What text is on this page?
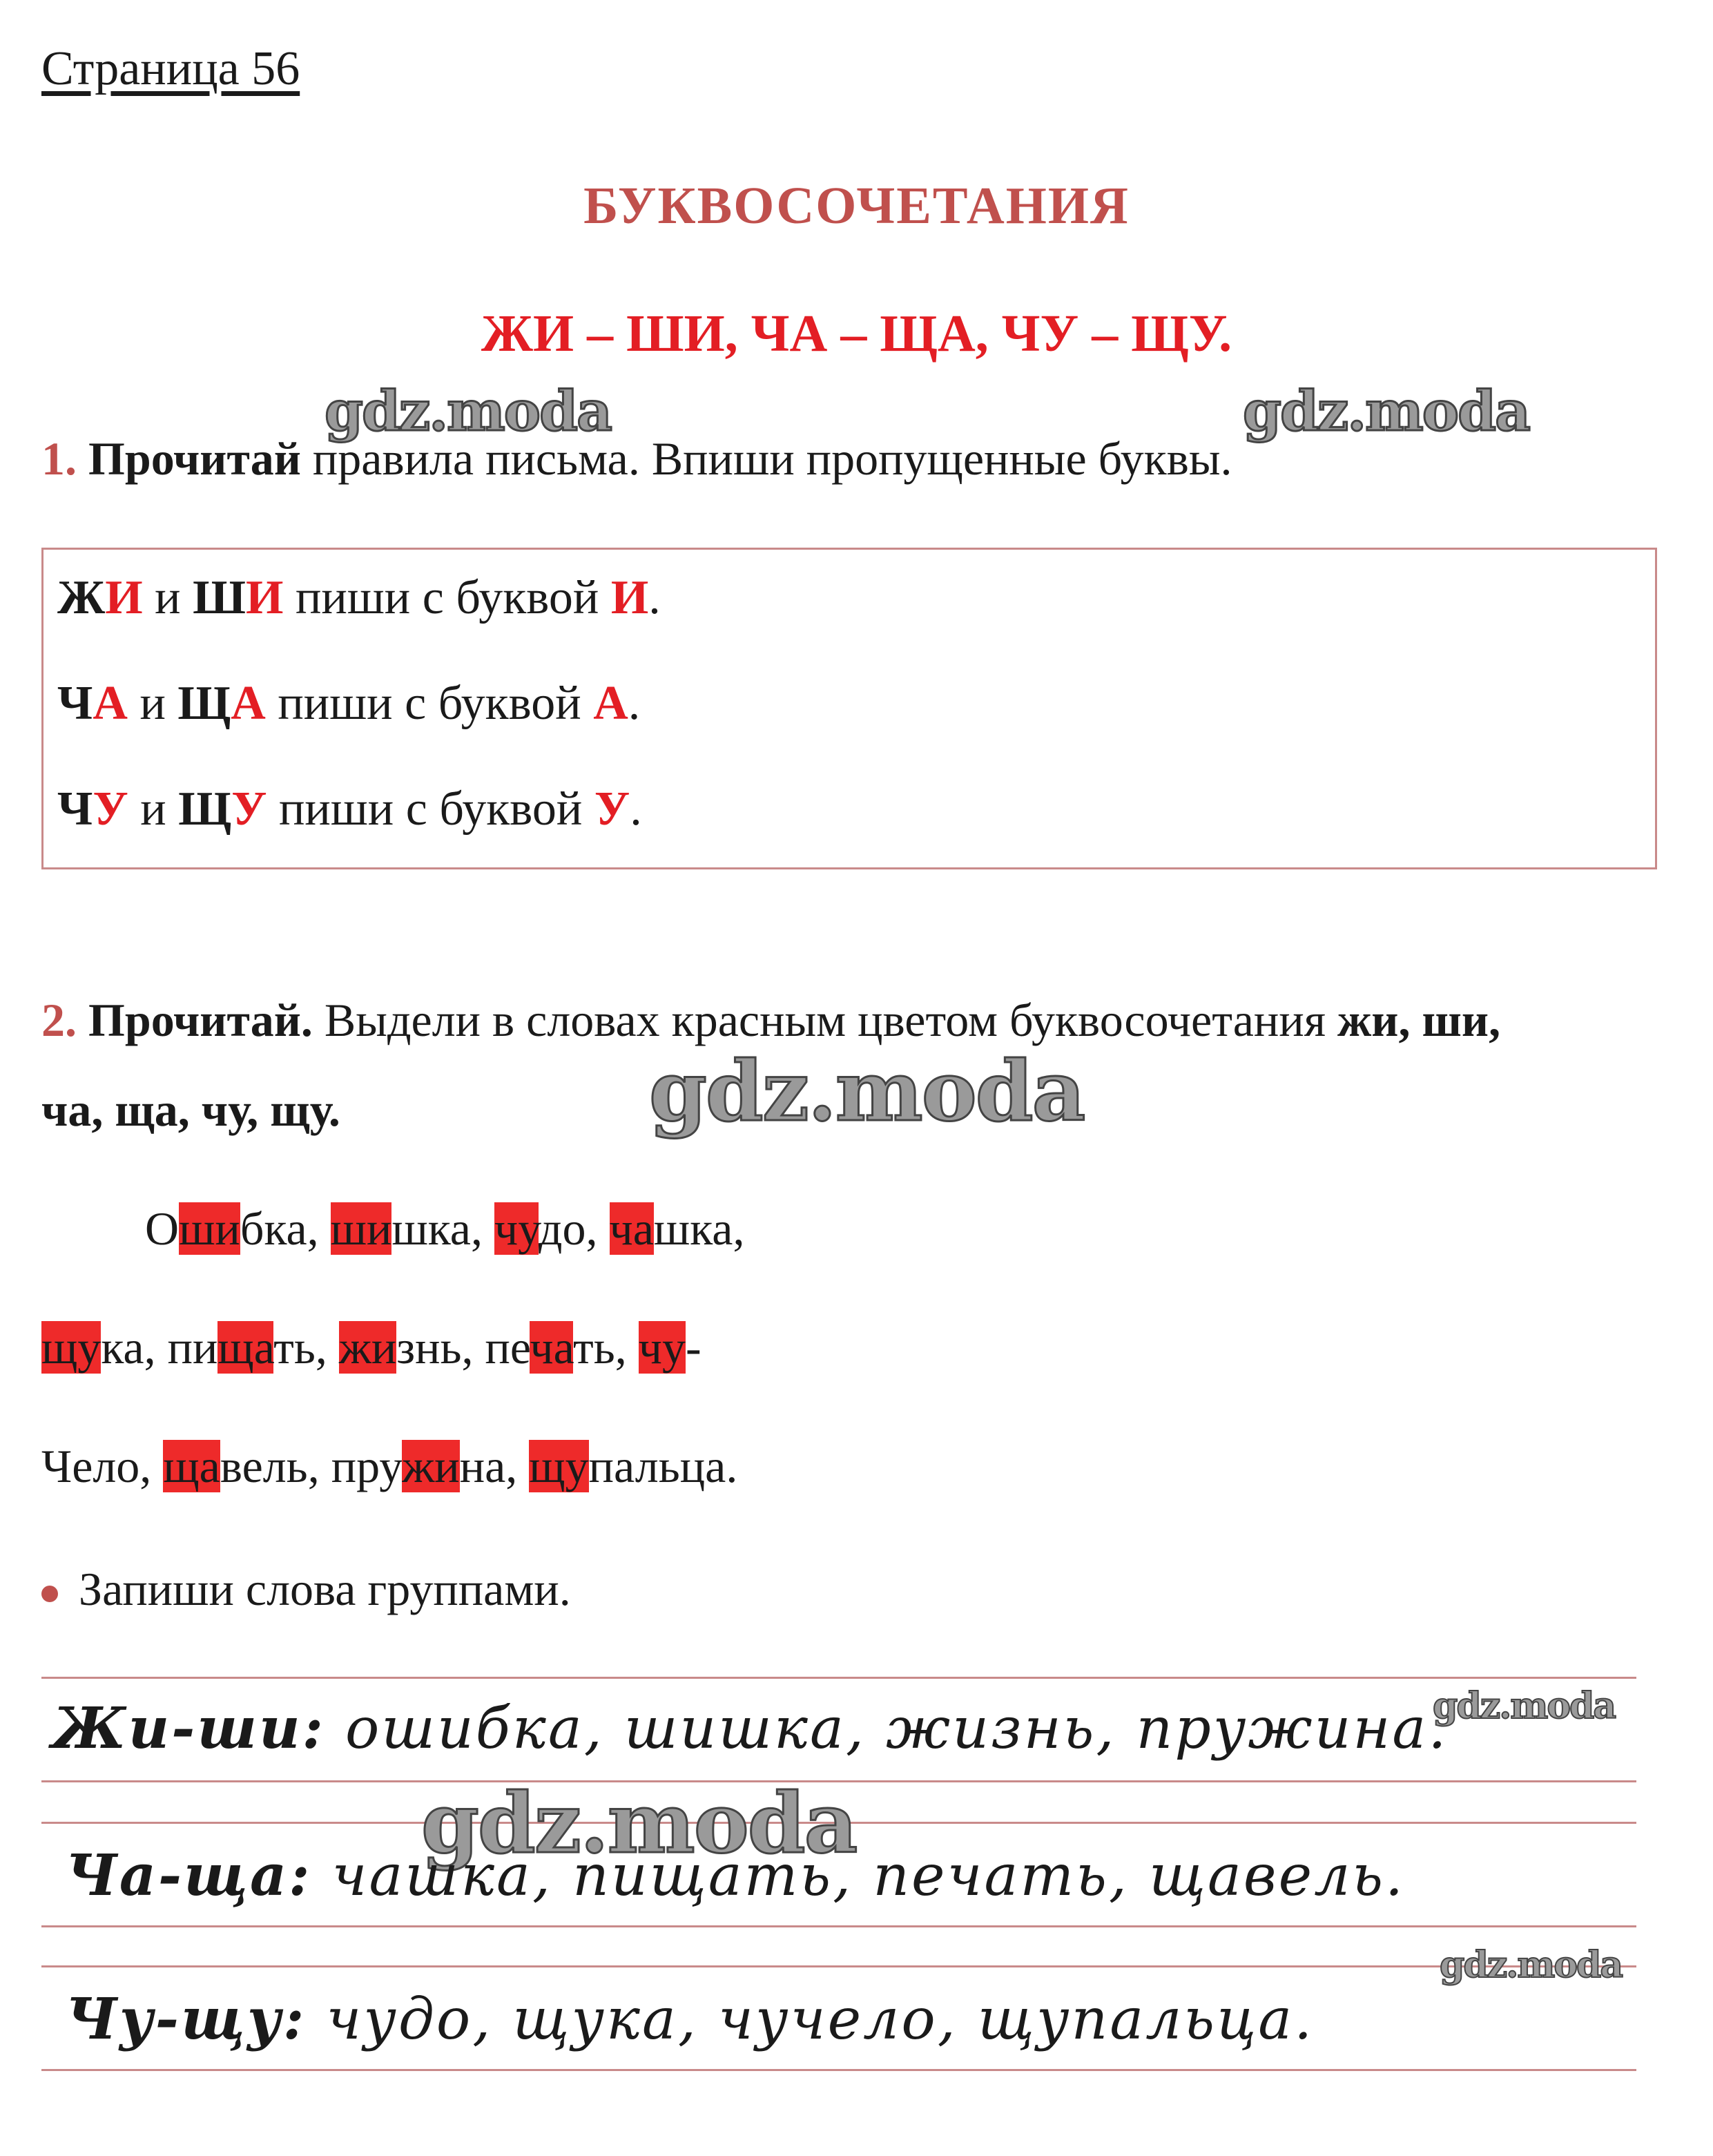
Страница 56
БУКВОСОЧЕТАНИЯ
ЖИ – ШИ, ЧА – ЩА, ЧУ – ЩУ.
gdz.moda	gdz.moda
1. Прочитай правила письма. Впиши пропущенные буквы.
ЖИ и ШИ пиши с буквой И.
ЧА и ЩА пиши с буквой А.
ЧУ и ЩУ пиши с буквой У.
2. Прочитай. Выдели в словах красным цветом буквосочетания жи, ши,
ча, ща, чу, щу.	gdz.moda
Ошибка, шишка, чудо, чашка,
щука, пищать, жизнь, печать, чу-
Чело, щавель, пружина, щупальца.
Запиши слова группами.
gdz.moda
gdz.moda
gdz.moda
Жи-ши: ошибка, шишка, жизнь, пружина.
Ча-ща: чашка, пищать, печать, щавель.
Чу-щу: чудо, щука, чучело, щупальца.
